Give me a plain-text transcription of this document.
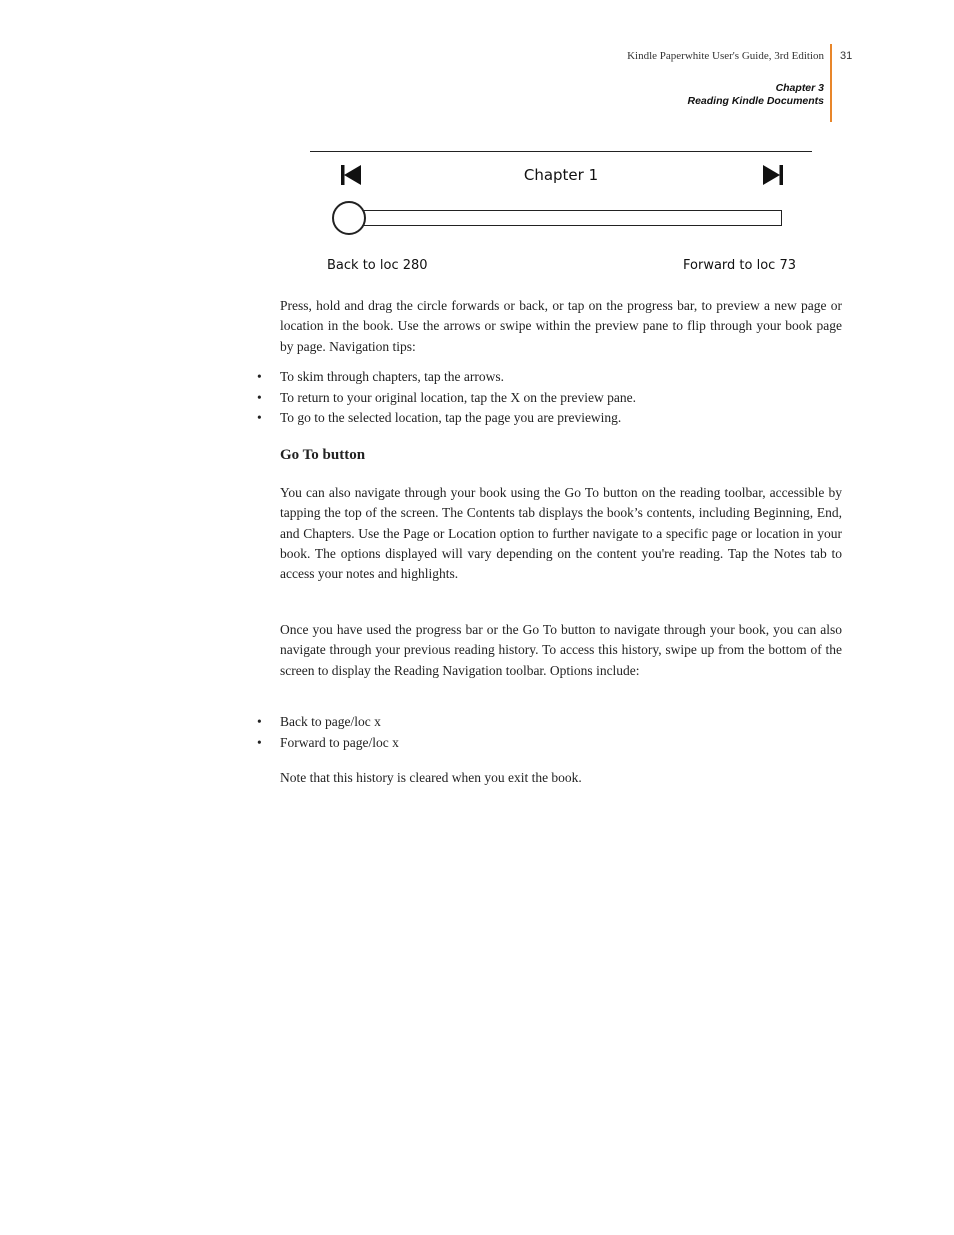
Kindle Paperwhite User's Guide, 3rd Edition 31
Chapter 3
Reading Kindle Documents
Chapter 1
Back to loc 280	Forward to loc 73
Press, hold and drag the circle forwards or back, or tap on the progress bar, to preview a new page or location in the book. Use the arrows or swipe within the preview pane to flip through your book page by page. Navigation tips:
• To skim through chapters, tap the arrows.
• To return to your original location, tap the X on the preview pane.
• To go to the selected location, tap the page you are previewing.
Go To button
You can also navigate through your book using the Go To button on the reading toolbar, accessible by tapping the top of the screen. The Contents tab displays the book’s contents, including Beginning, End, and Chapters. Use the Page or Location option to further navigate to a specific page or location in your book. The options displayed will vary depending on the content you're reading. Tap the Notes tab to access your notes and highlights.
Once you have used the progress bar or the Go To button to navigate through your book, you can also navigate through your previous reading history. To access this history, swipe up from the bottom of the screen to display the Reading Navigation toolbar. Options include:
• Back to page/loc x
• Forward to page/loc x
Note that this history is cleared when you exit the book.
